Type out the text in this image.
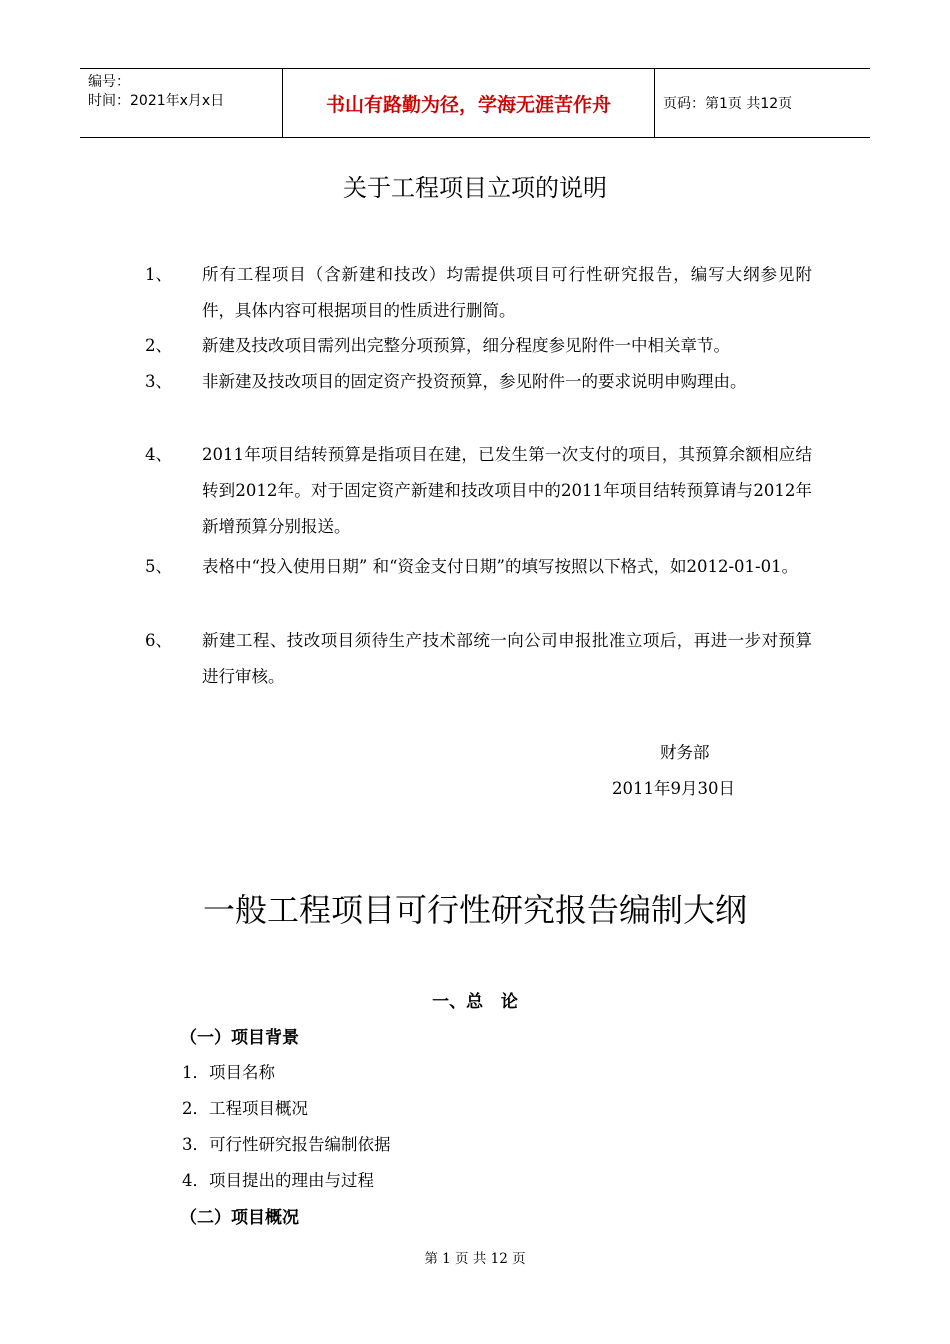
编号：
时间：2021年x月x日	书山有路勤为径，学海无涯苦作舟	页码：第1页 共12页
关于工程项目立项的说明
1、 所有工程项目（含新建和技改）均需提供项目可行性研究报告，编写大纲参见附件，具体内容可根据项目的性质进行删简。
2、 新建及技改项目需列出完整分项预算，细分程度参见附件一中相关章节。
3、 非新建及技改项目的固定资产投资预算，参见附件一的要求说明申购理由。
4、 2011年项目结转预算是指项目在建，已发生第一次支付的项目，其预算余额相应结转到2012年。对于固定资产新建和技改项目中的2011年项目结转预算请与2012年新增预算分别报送。
5、 表格中“投入使用日期” 和“资金支付日期”的填写按照以下格式，如2012-01-01。
6、 新建工程、技改项目须待生产技术部统一向公司申报批准立项后，再进一步对预算进行审核。
财务部
2011年9月30日
一般工程项目可行性研究报告编制大纲
一、总   论
（一）项目背景
1．项目名称
2．工程项目概况
3．可行性研究报告编制依据
4．项目提出的理由与过程
（二）项目概况
第 1 页 共 12 页
